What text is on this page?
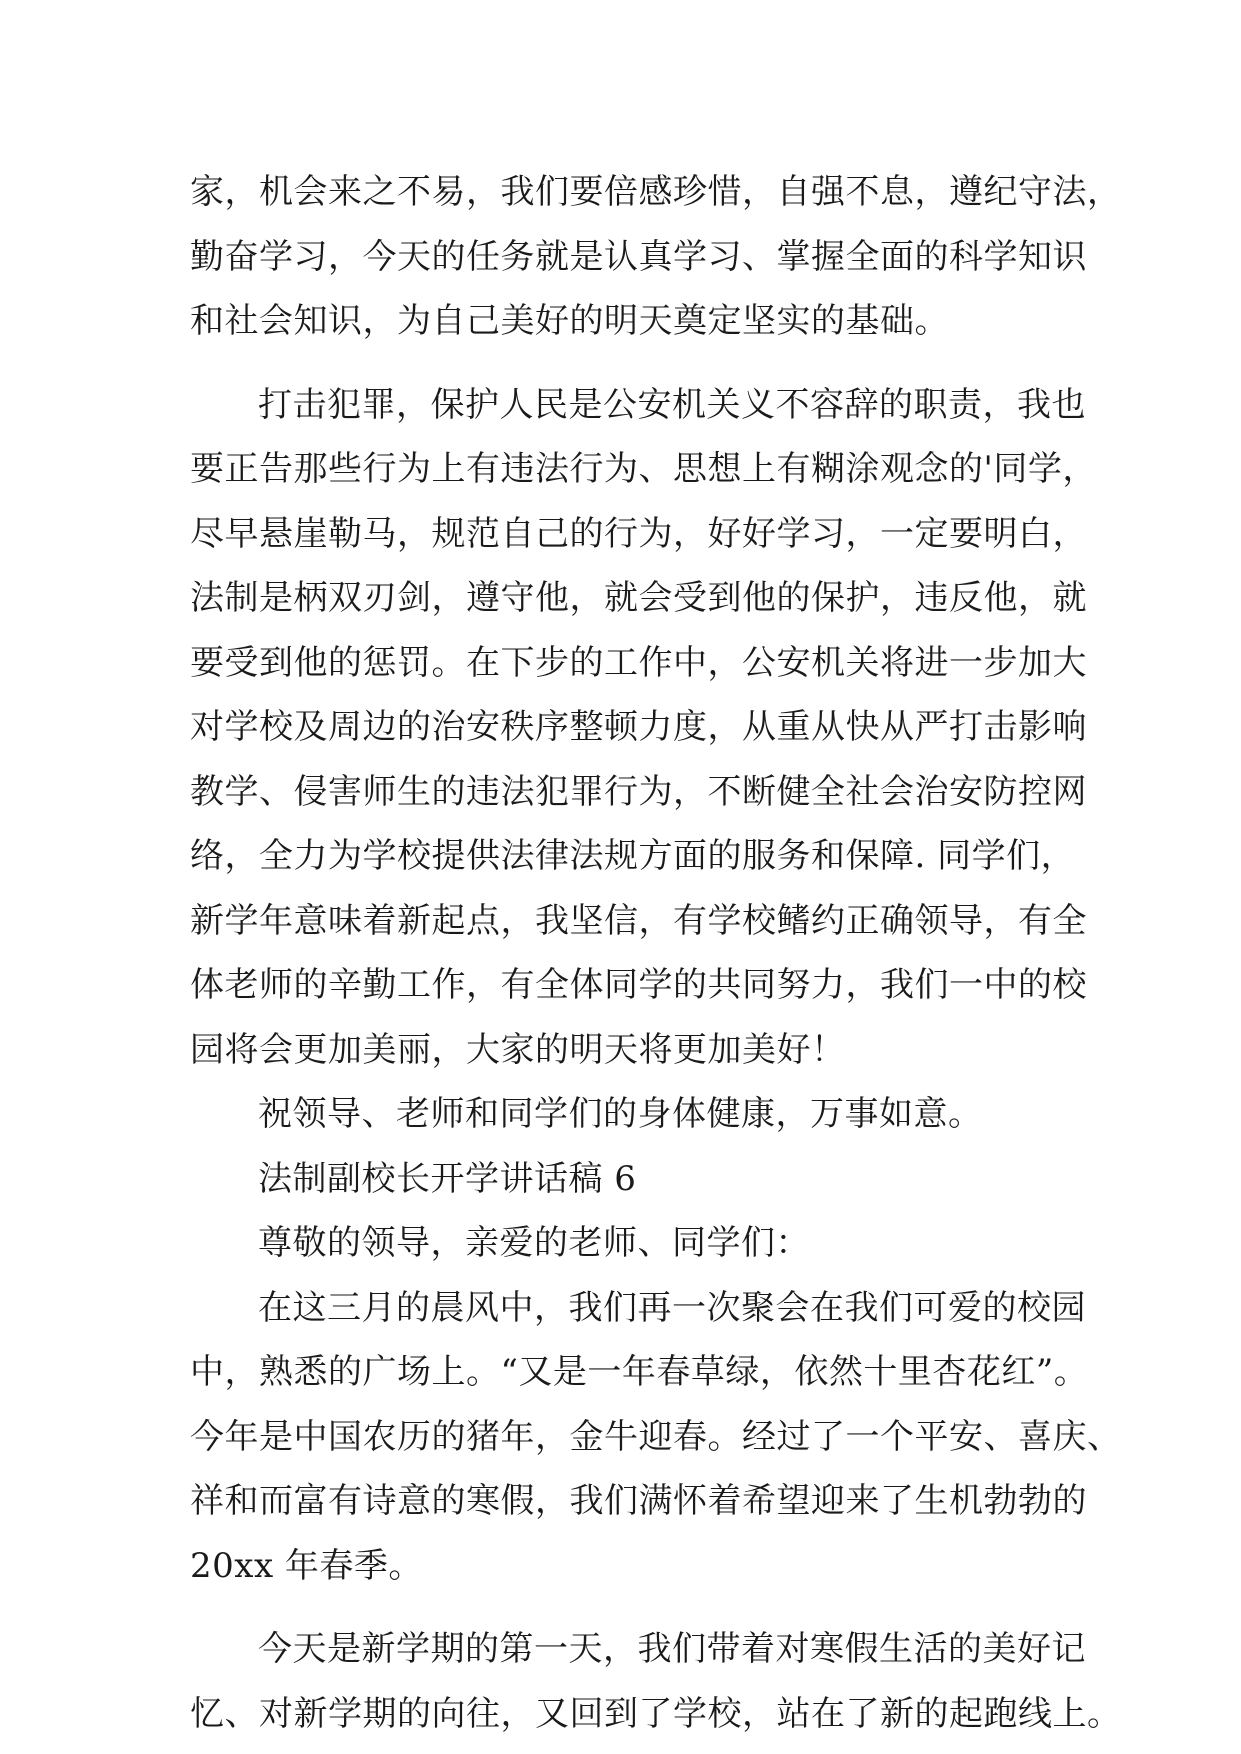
家，机会来之不易，我们要倍感珍惜，自强不息，遵纪守法，
勤奋学习，今天的任务就是认真学习、掌握全面的科学知识
和社会知识，为自己美好的明天奠定坚实的基础。
打击犯罪，保护人民是公安机关义不容辞的职责，我也
要正告那些行为上有违法行为、思想上有糊涂观念的'同学，
尽早悬崖勒马，规范自己的行为，好好学习，一定要明白，
法制是柄双刃剑，遵守他，就会受到他的保护，违反他，就
要受到他的惩罚。在下步的工作中，公安机关将进一步加大
对学校及周边的治安秩序整顿力度，从重从快从严打击影响
教学、侵害师生的违法犯罪行为，不断健全社会治安防控网
络，全力为学校提供法律法规方面的服务和保障. 同学们，
新学年意味着新起点，我坚信，有学校鳍约正确领导，有全
体老师的辛勤工作，有全体同学的共同努力，我们一中的校
园将会更加美丽，大家的明天将更加美好！
祝领导、老师和同学们的身体健康，万事如意。
法制副校长开学讲话稿 6
尊敬的领导，亲爱的老师、同学们：
在这三月的晨风中，我们再一次聚会在我们可爱的校园
中，熟悉的广场上。“又是一年春草绿，依然十里杏花红”。
今年是中国农历的猪年，金牛迎春。经过了一个平安、喜庆、
祥和而富有诗意的寒假，我们满怀着希望迎来了生机勃勃的
20xx 年春季。
今天是新学期的第一天，我们带着对寒假生活的美好记
忆、对新学期的向往，又回到了学校，站在了新的起跑线上。
